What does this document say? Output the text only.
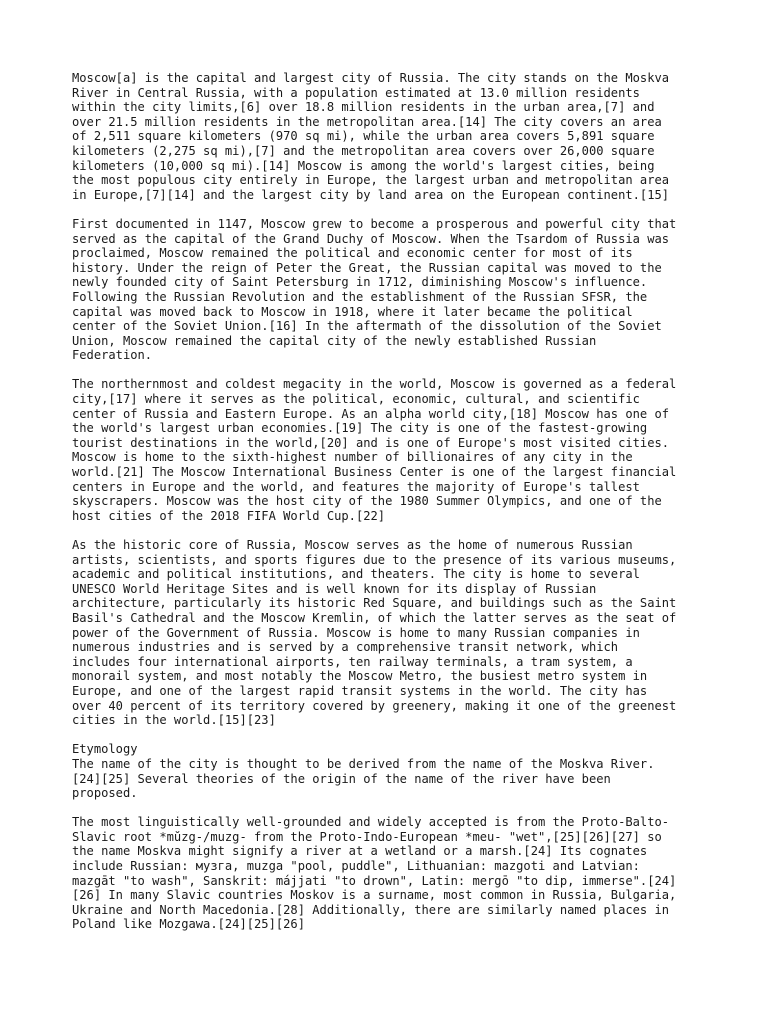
Moscow[a] is the capital and largest city of Russia. The city stands on the Moskva
River in Central Russia, with a population estimated at 13.0 million residents
within the city limits,[6] over 18.8 million residents in the urban area,[7] and
over 21.5 million residents in the metropolitan area.[14] The city covers an area
of 2,511 square kilometers (970 sq mi), while the urban area covers 5,891 square
kilometers (2,275 sq mi),[7] and the metropolitan area covers over 26,000 square
kilometers (10,000 sq mi).[14] Moscow is among the world's largest cities, being
the most populous city entirely in Europe, the largest urban and metropolitan area
in Europe,[7][14] and the largest city by land area on the European continent.[15]

First documented in 1147, Moscow grew to become a prosperous and powerful city that
served as the capital of the Grand Duchy of Moscow. When the Tsardom of Russia was
proclaimed, Moscow remained the political and economic center for most of its
history. Under the reign of Peter the Great, the Russian capital was moved to the
newly founded city of Saint Petersburg in 1712, diminishing Moscow's influence.
Following the Russian Revolution and the establishment of the Russian SFSR, the
capital was moved back to Moscow in 1918, where it later became the political
center of the Soviet Union.[16] In the aftermath of the dissolution of the Soviet
Union, Moscow remained the capital city of the newly established Russian
Federation.

The northernmost and coldest megacity in the world, Moscow is governed as a federal
city,[17] where it serves as the political, economic, cultural, and scientific
center of Russia and Eastern Europe. As an alpha world city,[18] Moscow has one of
the world's largest urban economies.[19] The city is one of the fastest-growing
tourist destinations in the world,[20] and is one of Europe's most visited cities.
Moscow is home to the sixth-highest number of billionaires of any city in the
world.[21] The Moscow International Business Center is one of the largest financial
centers in Europe and the world, and features the majority of Europe's tallest
skyscrapers. Moscow was the host city of the 1980 Summer Olympics, and one of the
host cities of the 2018 FIFA World Cup.[22]

As the historic core of Russia, Moscow serves as the home of numerous Russian
artists, scientists, and sports figures due to the presence of its various museums,
academic and political institutions, and theaters. The city is home to several
UNESCO World Heritage Sites and is well known for its display of Russian
architecture, particularly its historic Red Square, and buildings such as the Saint
Basil's Cathedral and the Moscow Kremlin, of which the latter serves as the seat of
power of the Government of Russia. Moscow is home to many Russian companies in
numerous industries and is served by a comprehensive transit network, which
includes four international airports, ten railway terminals, a tram system, a
monorail system, and most notably the Moscow Metro, the busiest metro system in
Europe, and one of the largest rapid transit systems in the world. The city has
over 40 percent of its territory covered by greenery, making it one of the greenest
cities in the world.[15][23]

Etymology

The name of the city is thought to be derived from the name of the Moskva River.
[24][25] Several theories of the origin of the name of the river have been
proposed.

The most linguistically well-grounded and widely accepted is from the Proto-Balto-
Slavic root *mŭzg-/muzg- from the Proto-Indo-European *meu- "wet",[25][26][27] so
the name Moskva might signify a river at a wetland or a marsh.[24] Its cognates
include Russian: музга, muzga "pool, puddle", Lithuanian: mazgoti and Latvian:
mazgāt "to wash", Sanskrit: májjati "to drown", Latin: mergō "to dip, immerse".[24]
[26] In many Slavic countries Moskov is a surname, most common in Russia, Bulgaria,
Ukraine and North Macedonia.[28] Additionally, there are similarly named places in
Poland like Mozgawa.[24][25][26]
